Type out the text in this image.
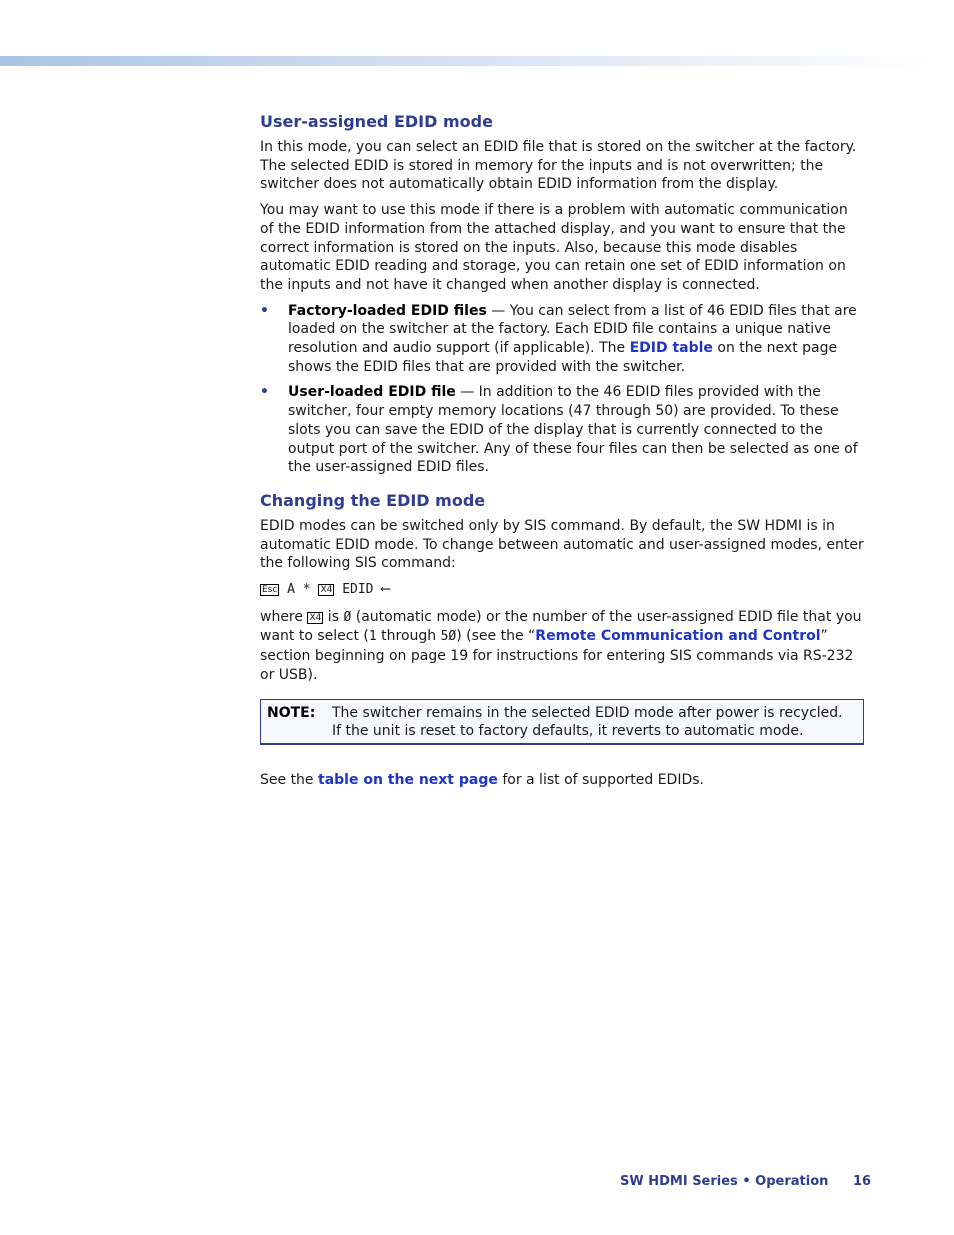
User-assigned EDID mode

In this mode, you can select an EDID file that is stored on the switcher at the factory. The selected EDID is stored in memory for the inputs and is not overwritten; the switcher does not automatically obtain EDID information from the display.

You may want to use this mode if there is a problem with automatic communication of the EDID information from the attached display, and you want to ensure that the correct information is stored on the inputs. Also, because this mode disables automatic EDID reading and storage, you can retain one set of EDID information on the inputs and not have it changed when another display is connected.

• Factory-loaded EDID files — You can select from a list of 46 EDID files that are loaded on the switcher at the factory. Each EDID file contains a unique native resolution and audio support (if applicable). The EDID table on the next page shows the EDID files that are provided with the switcher.
• User-loaded EDID file — In addition to the 46 EDID files provided with the switcher, four empty memory locations (47 through 50) are provided. To these slots you can save the EDID of the display that is currently connected to the output port of the switcher. Any of these four files can then be selected as one of the user-assigned EDID files.
Changing the EDID mode

EDID modes can be switched only by SIS command. By default, the SW HDMI is in automatic EDID mode. To change between automatic and user-assigned modes, enter the following SIS command:

Esc A * X4 EDID ⟵

where X4 is Ø (automatic mode) or the number of the user-assigned EDID file that you want to select (1 through 5Ø) (see the “Remote Communication and Control” section beginning on page 19 for instructions for entering SIS commands via RS-232 or USB).

NOTE:	The switcher remains in the selected EDID mode after power is recycled. If the unit is reset to factory defaults, it reverts to automatic mode.

See the table on the next page for a list of supported EDIDs.

SW HDMI Series • Operation 16
